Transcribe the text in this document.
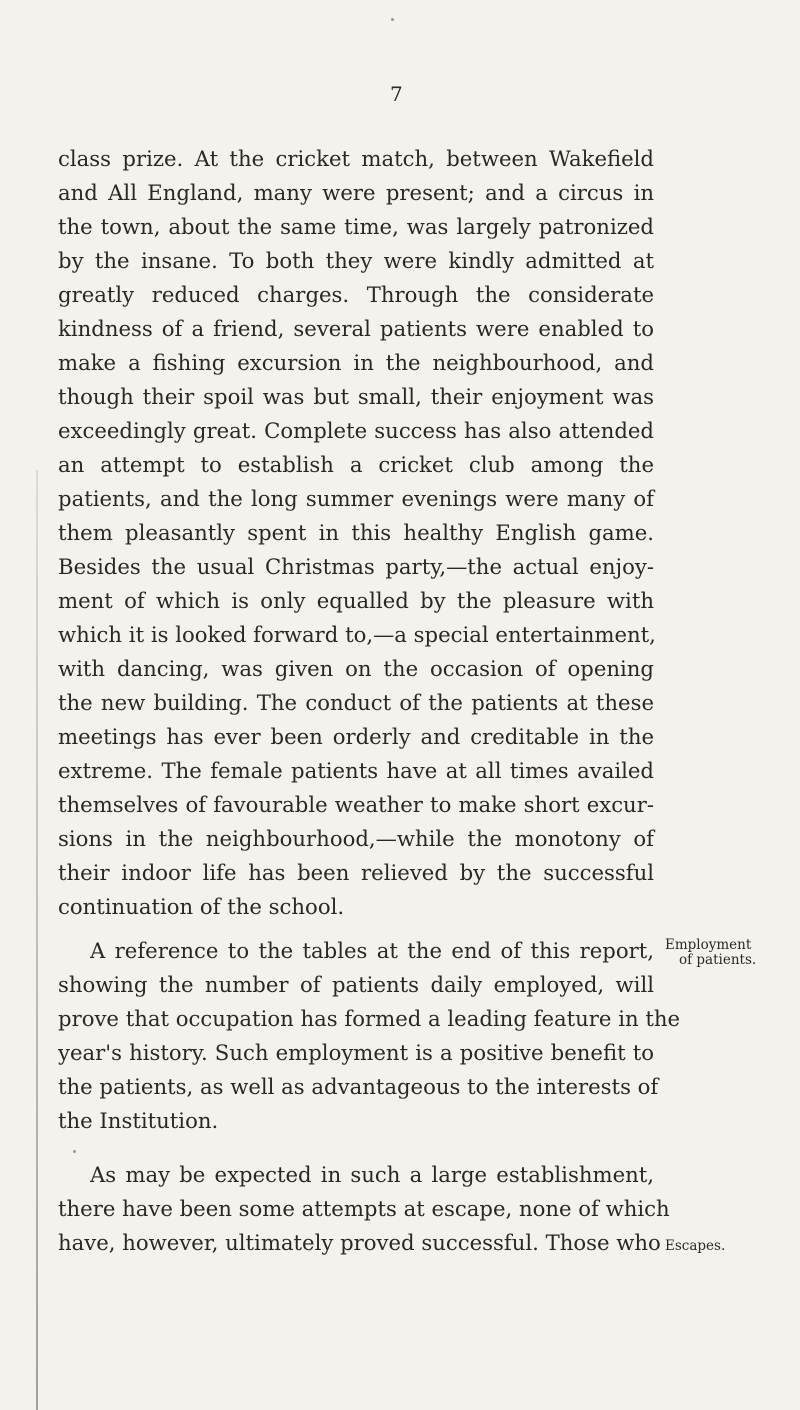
7
class prize. At the cricket match, between Wakefield
and All England, many were present; and a circus in
the town, about the same time, was largely patronized
by the insane. To both they were kindly admitted at
greatly reduced charges. Through the considerate
kindness of a friend, several patients were enabled to
make a fishing excursion in the neighbourhood, and
though their spoil was but small, their enjoyment was
exceedingly great. Complete success has also attended
an attempt to establish a cricket club among the
patients, and the long summer evenings were many of
them pleasantly spent in this healthy English game.
Besides the usual Christmas party,—the actual enjoy-
ment of which is only equalled by the pleasure with
which it is looked forward to,—a special entertainment,
with dancing, was given on the occasion of opening
the new building. The conduct of the patients at these
meetings has ever been orderly and creditable in the
extreme. The female patients have at all times availed
themselves of favourable weather to make short excur-
sions in the neighbourhood,—while the monotony of
their indoor life has been relieved by the successful
continuation of the school.
A reference to the tables at the end of this report,
showing the number of patients daily employed, will
prove that occupation has formed a leading feature in the
year's history. Such employment is a positive benefit to
the patients, as well as advantageous to the interests of
the Institution.
As may be expected in such a large establishment,
there have been some attempts at escape, none of which
have, however, ultimately proved successful. Those who
Employment
of patients.
Escapes.
